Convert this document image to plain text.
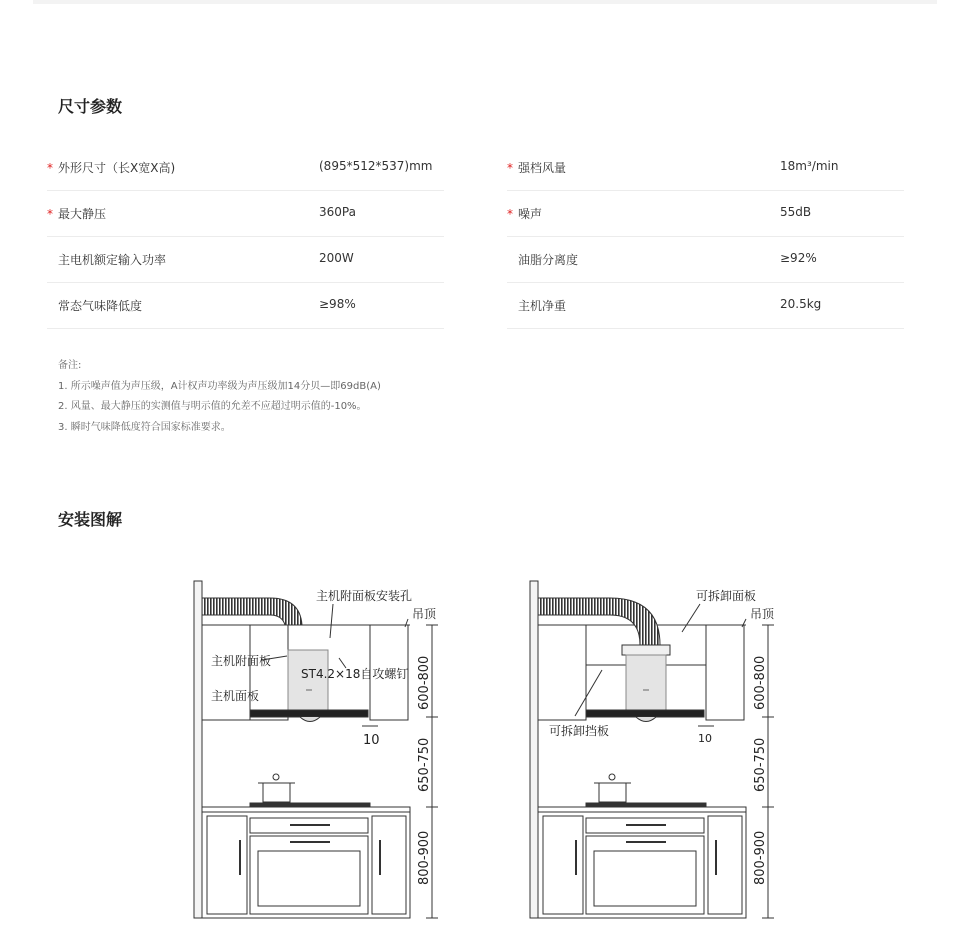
尺寸参数
* 外形尺寸（长X宽X高)	(895*512*537)mm	* 强档风量	18m³/min
* 最大静压	360Pa	* 噪声	55dB
主电机额定输入功率	200W	油脂分离度	≥92%
常态气味降低度	≥98%	主机净重	20.5kg
备注:
1. 所示噪声值为声压级，A计权声功率级为声压级加14分贝—即69dB(A)
2. 风量、最大静压的实测值与明示值的允差不应超过明示值的-10%。
3. 瞬时气味降低度符合国家标准要求。
安装图解
主机附面板安装孔
吊顶
主机附面板
ST4.2×18自攻螺钉
主机面板
10
600-800
650-750
800-900
可拆卸面板
吊顶
可拆卸挡板
10
600-800
650-750
800-900
